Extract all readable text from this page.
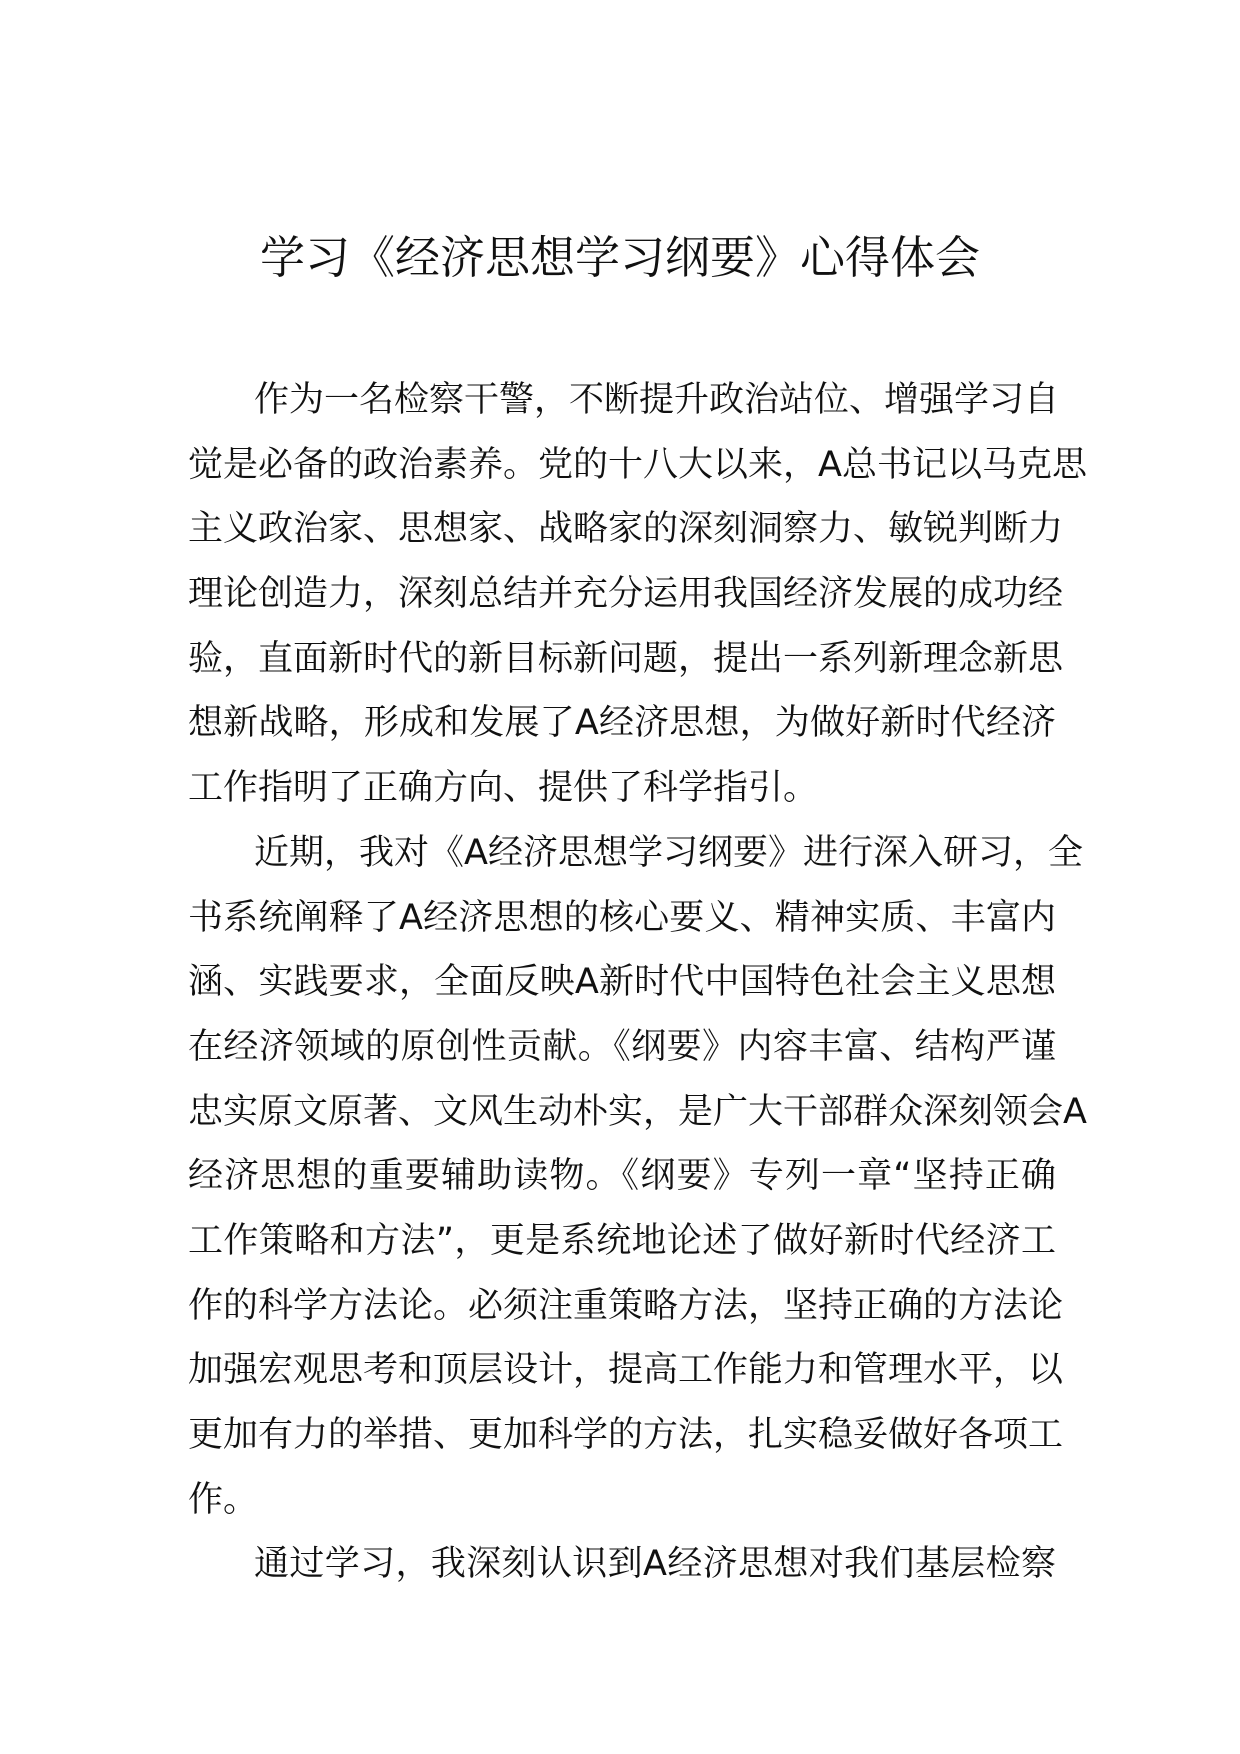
学习《经济思想学习纲要》心得体会
作为一名检察干警，不断提升政治站位、增强学习自
觉是必备的政治素养。党的十八大以来，A总书记以马克思
主义政治家、思想家、战略家的深刻洞察力、敏锐判断力
理论创造力，深刻总结并充分运用我国经济发展的成功经
验，直面新时代的新目标新问题，提出一系列新理念新思
想新战略，形成和发展了A经济思想，为做好新时代经济
工作指明了正确方向、提供了科学指引。
近期，我对《A经济思想学习纲要》进行深入研习，全
书系统阐释了A经济思想的核心要义、精神实质、丰富内
涵、实践要求，全面反映A新时代中国特色社会主义思想
在经济领域的原创性贡献。《纲要》内容丰富、结构严谨
忠实原文原著、文风生动朴实，是广大干部群众深刻领会A
经济思想的重要辅助读物。《纲要》专列一章“坚持正确
工作策略和方法”，更是系统地论述了做好新时代经济工
作的科学方法论。必须注重策略方法，坚持正确的方法论
加强宏观思考和顶层设计，提高工作能力和管理水平，以
更加有力的举措、更加科学的方法，扎实稳妥做好各项工
作。
通过学习，我深刻认识到A经济思想对我们基层检察
